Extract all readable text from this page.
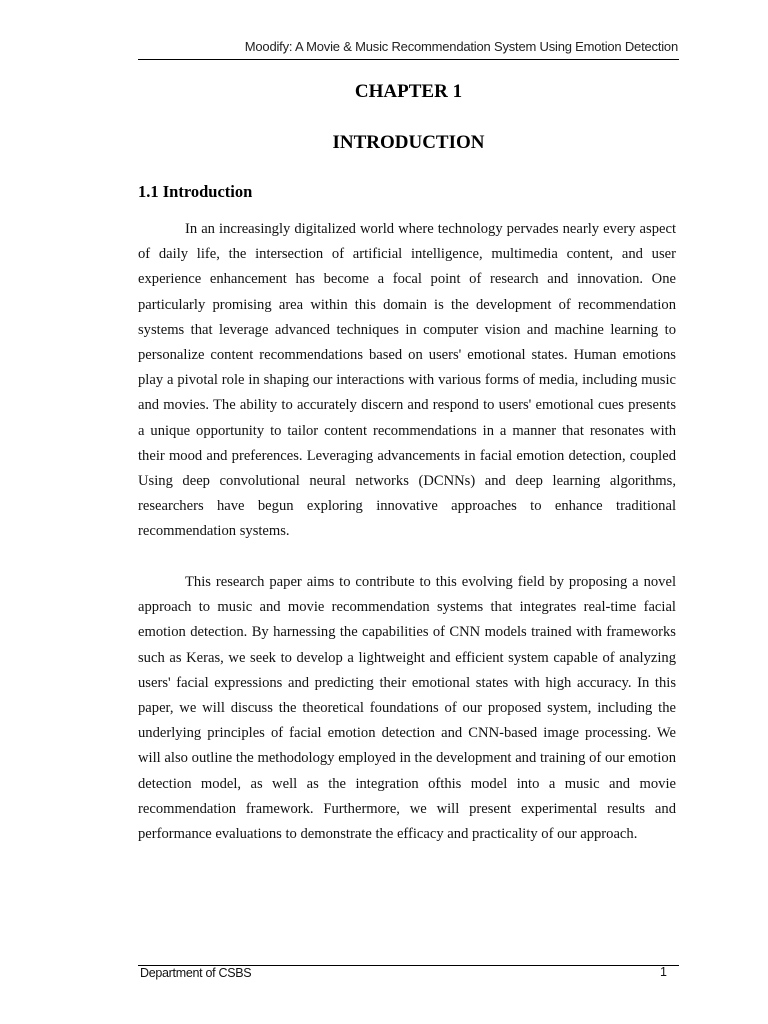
Moodify: A Movie & Music Recommendation System Using Emotion Detection
CHAPTER 1
INTRODUCTION
1.1 Introduction

In an increasingly digitalized world where technology pervades nearly every aspect of daily life, the intersection of artificial intelligence, multimedia content, and user experience enhancement has become a focal point of research and innovation. One particularly promising area within this domain is the development of recommendation systems that leverage advanced techniques in computer vision and machine learning to personalize content recommendations based on users' emotional states. Human emotions play a pivotal role in shaping our interactions with various forms of media, including music and movies. The ability to accurately discern and respond to users' emotional cues presents a unique opportunity to tailor content recommendations in a manner that resonates with their mood and preferences. Leveraging advancements in facial emotion detection, coupled Using deep convolutional neural networks (DCNNs) and deep learning algorithms, researchers have begun exploring innovative approaches to enhance traditional recommendation systems.

This research paper aims to contribute to this evolving field by proposing a novel approach to music and movie recommendation systems that integrates real-time facial emotion detection. By harnessing the capabilities of CNN models trained with frameworks such as Keras, we seek to develop a lightweight and efficient system capable of analyzing users' facial expressions and predicting their emotional states with high accuracy. In this paper, we will discuss the theoretical foundations of our proposed system, including the underlying principles of facial emotion detection and CNN-based image processing. We will also outline the methodology employed in the development and training of our emotion detection model, as well as the integration ofthis model into a music and movie recommendation framework. Furthermore, we will present experimental results and performance evaluations to demonstrate the efficacy and practicality of our approach.

Department of CSBS	1
